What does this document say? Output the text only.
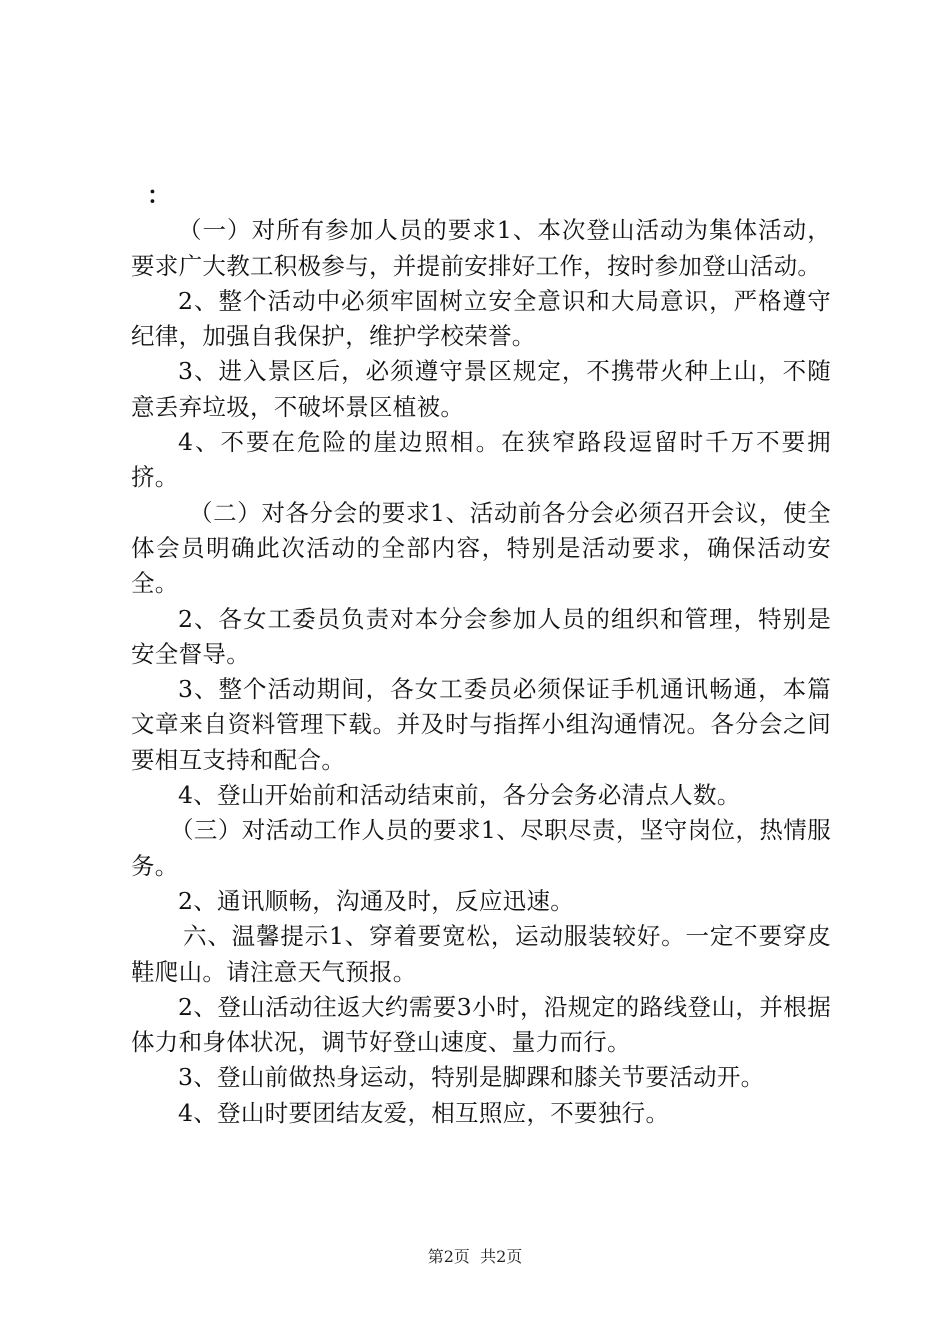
：

（一）对所有参加人员的要求1、本次登山活动为集体活动，要求广大教工积极参与，并提前安排好工作，按时参加登山活动。

2、整个活动中必须牢固树立安全意识和大局意识，严格遵守纪律，加强自我保护，维护学校荣誉。

3、进入景区后，必须遵守景区规定，不携带火种上山，不随意丢弃垃圾，不破坏景区植被。

4、不要在危险的崖边照相。在狭窄路段逗留时千万不要拥挤。

（二）对各分会的要求1、活动前各分会必须召开会议，使全体会员明确此次活动的全部内容，特别是活动要求，确保活动安全。

2、各女工委员负责对本分会参加人员的组织和管理，特别是安全督导。

3、整个活动期间，各女工委员必须保证手机通讯畅通，本篇文章来自资料管理下载。并及时与指挥小组沟通情况。各分会之间要相互支持和配合。

4、登山开始前和活动结束前，各分会务必清点人数。

（三）对活动工作人员的要求1、尽职尽责，坚守岗位，热情服务。

2、通讯顺畅，沟通及时，反应迅速。

六、温馨提示1、穿着要宽松，运动服装较好。一定不要穿皮鞋爬山。请注意天气预报。

2、登山活动往返大约需要3小时，沿规定的路线登山，并根据体力和身体状况，调节好登山速度、量力而行。

3、登山前做热身运动，特别是脚踝和膝关节要活动开。

4、登山时要团结友爱，相互照应，不要独行。

第2页  共2页
